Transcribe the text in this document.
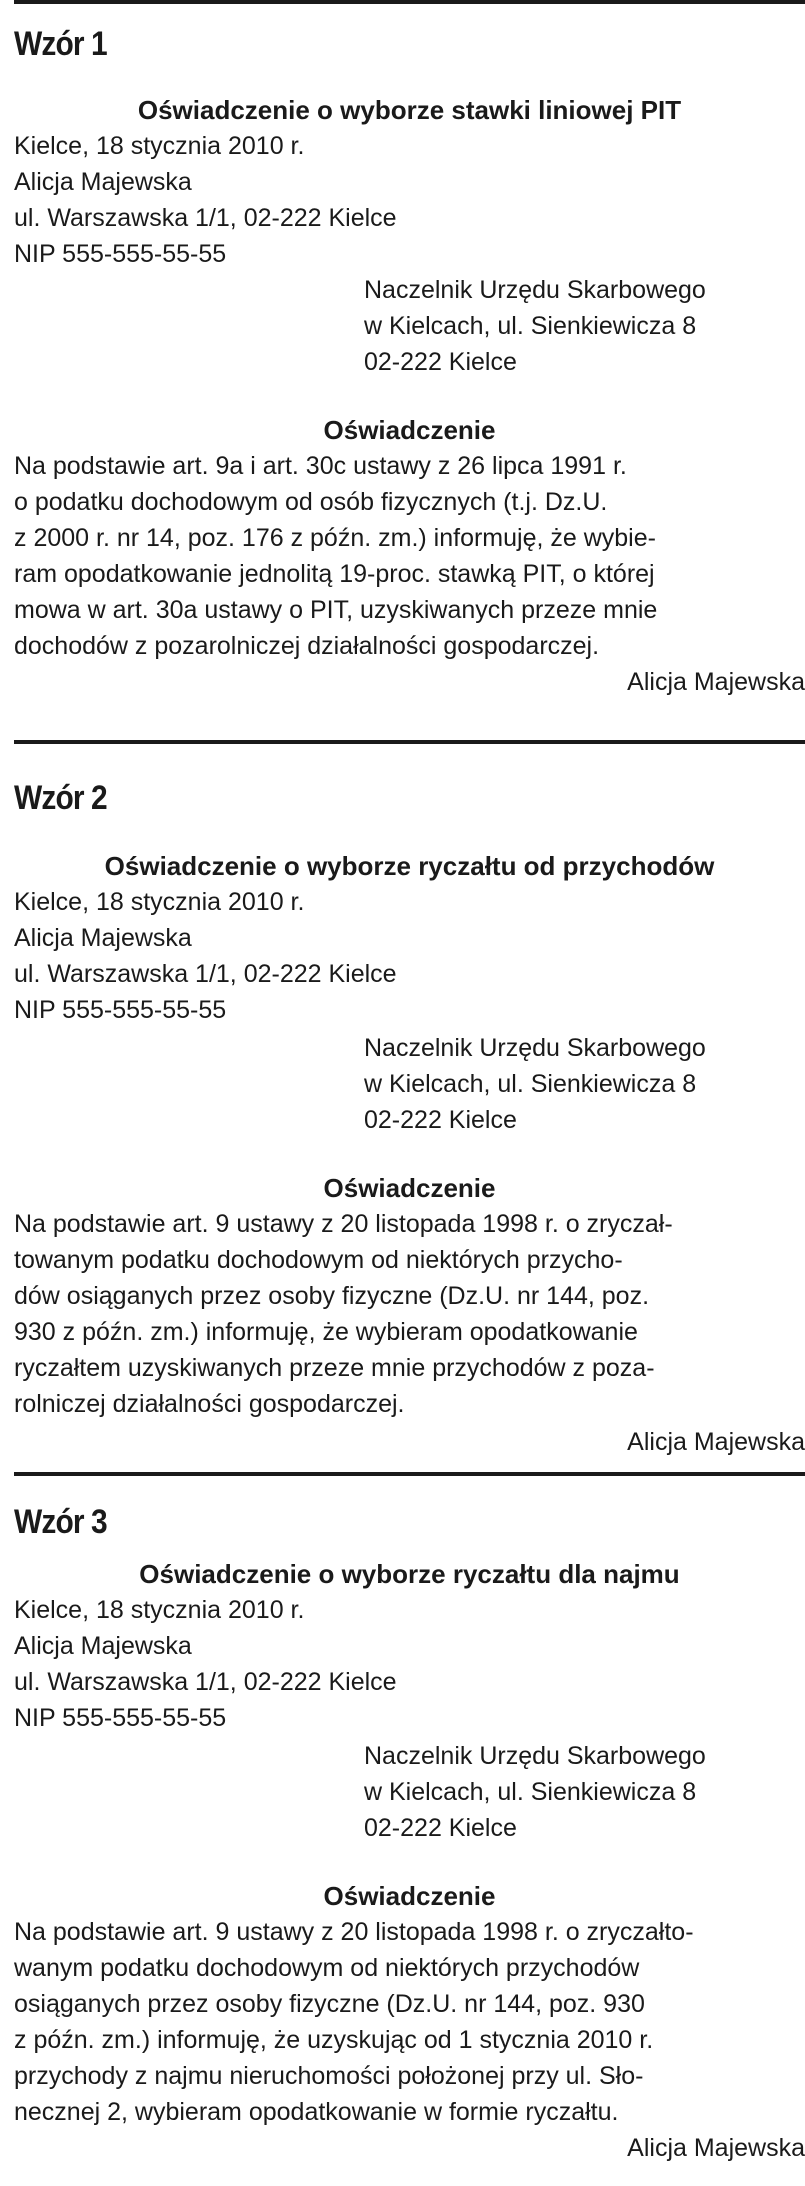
Wzór 1
Oświadczenie o wyborze stawki liniowej PIT
Kielce, 18 stycznia 2010 r.
Alicja Majewska
ul. Warszawska 1/1, 02-222 Kielce
NIP 555-555-55-55
Naczelnik Urzędu Skarbowego
w Kielcach, ul. Sienkiewicza 8
02-222 Kielce
Oświadczenie
Na podstawie art. 9a i art. 30c ustawy z 26 lipca 1991 r.
o podatku dochodowym od osób fizycznych (t.j. Dz.U.
z 2000 r. nr 14, poz. 176 z późn. zm.) informuję, że wybie-
ram opodatkowanie jednolitą 19-proc. stawką PIT, o której
mowa w art. 30a ustawy o PIT, uzyskiwanych przeze mnie
dochodów z pozarolniczej działalności gospodarczej.
Alicja Majewska
Wzór 2
Oświadczenie o wyborze ryczałtu od przychodów
Kielce, 18 stycznia 2010 r.
Alicja Majewska
ul. Warszawska 1/1, 02-222 Kielce
NIP 555-555-55-55
Naczelnik Urzędu Skarbowego
w Kielcach, ul. Sienkiewicza 8
02-222 Kielce
Oświadczenie
Na podstawie art. 9 ustawy z 20 listopada 1998 r. o zryczał-
towanym podatku dochodowym od niektórych przycho-
dów osiąganych przez osoby fizyczne (Dz.U. nr 144, poz.
930 z późn. zm.) informuję, że wybieram opodatkowanie
ryczałtem uzyskiwanych przeze mnie przychodów z poza-
rolniczej działalności gospodarczej.
Alicja Majewska
Wzór 3
Oświadczenie o wyborze ryczałtu dla najmu
Kielce, 18 stycznia 2010 r.
Alicja Majewska
ul. Warszawska 1/1, 02-222 Kielce
NIP 555-555-55-55
Naczelnik Urzędu Skarbowego
w Kielcach, ul. Sienkiewicza 8
02-222 Kielce
Oświadczenie
Na podstawie art. 9 ustawy z 20 listopada 1998 r. o zryczałto-
wanym podatku dochodowym od niektórych przychodów
osiąganych przez osoby fizyczne (Dz.U. nr 144, poz. 930
z późn. zm.) informuję, że uzyskując od 1 stycznia 2010 r.
przychody z najmu nieruchomości położonej przy ul. Sło-
necznej 2, wybieram opodatkowanie w formie ryczałtu.
Alicja Majewska
